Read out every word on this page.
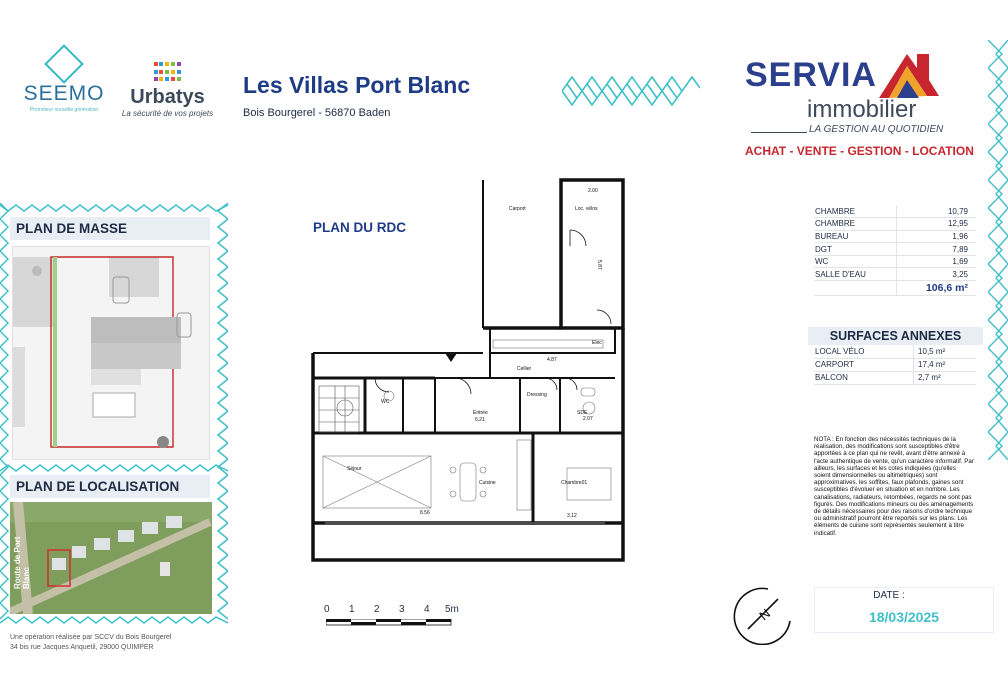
SEEMO
Promoteur nouvelle génération
Urbatys
La sécurité de vos projets
Les Villas Port Blanc
Bois Bourgerel - 56870 Baden
SERVIA
immobilier
LA GESTION AU QUOTIDIEN
ACHAT - VENTE - GESTION - LOCATION
PLAN DE MASSE
PLAN DE LOCALISATION
Route de Port Blanc
PLAN DU RDC
Carport	Loc. vélos
2.00
5.87
Elec
4.87
Cellier
WC
Entrée
6.21
Dressing
SDE
2.07
Séjour
Cuisine	Chambre01
8.56	3.12
0 1 2 3 4 5m
CHAMBRE	10,79
CHAMBRE	12,95
BUREAU	1,96
DGT	7,89
WC	1,69
SALLE D'EAU	3,25
	106,6 m²
SURFACES ANNEXES
LOCAL VÉLO	10,5 m²
CARPORT	17,4 m²
BALCON	2,7 m²
NOTA : En fonction des nécessités techniques de la réalisation, des modifications sont susceptibles d'être apportées à ce plan qui ne revêt, avant d'être annexé à l'acte authentique de vente, qu'un caractère informatif. Par ailleurs, les surfaces et les cotes indiquées (qu'elles soient dimensionnelles ou altimétriques) sont approximatives. les soffites, faux plafonds, gaines sont susceptibles d'évoluer en situation et en nombre. Les canalisations, radiateurs, retombées, regards ne sont pas figurés. Des modifications mineurs ou des aménagements de détails nécessaires pour des raisons d'ordre technique ou administratif pourront être reportés sur les plans. Les éléments de cuisine sont représentés seulement à titre indicatif.
N
DATE :
18/03/2025
Une opération réalisée par SCCV du Bois Bourgerel
34 bis rue Jacques Anquetil, 29000 QUIMPER
